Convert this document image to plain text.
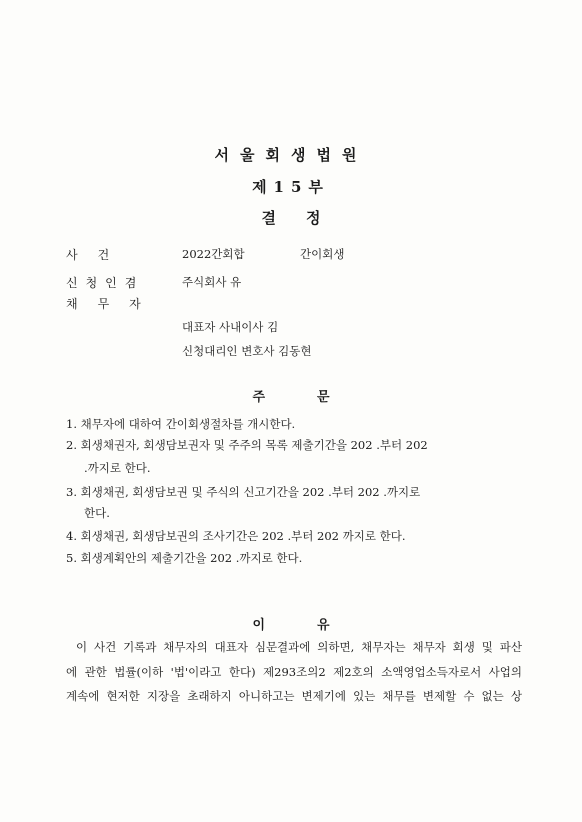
서울회생법원
제15부
결정
사건	2022간회합	간이회생
신청인겸	주식회사 유
채무자
대표자 사내이사 김
신청대리인 변호사 김동현
주문
1. 채무자에 대하여 간이회생절차를 개시한다.
2. 회생채권자, 회생담보권자 및 주주의 목록 제출기간을 202 .부터 202
.까지로 한다.
3. 회생채권, 회생담보권 및 주식의 신고기간을 202 .부터 202 .까지로
한다.
4. 회생채권, 회생담보권의 조사기간은 202 .부터 202 까지로 한다.
5. 회생계획안의 제출기간을 202 .까지로 한다.
이유
이 사건 기록과 채무자의 대표자 심문결과에 의하면, 채무자는 채무자 회생 및 파산
에 관한 법률(이하 '법'이라고 한다) 제293조의2 제2호의 소액영업소득자로서 사업의
계속에 현저한 지장을 초래하지 아니하고는 변제기에 있는 채무를 변제할 수 없는 상
